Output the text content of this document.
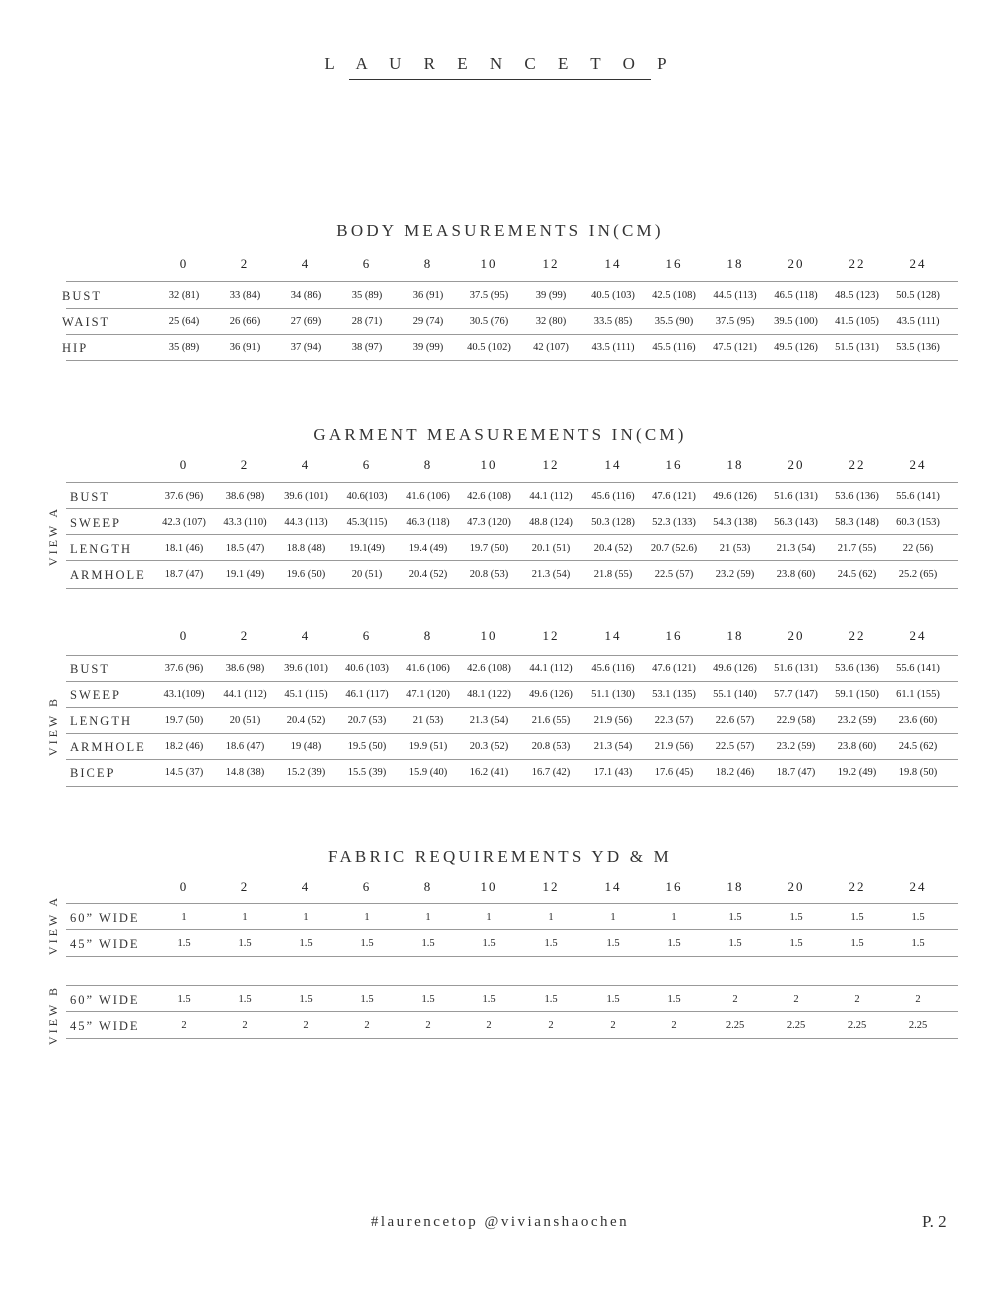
L A U R E N C E T O P
BODY MEASUREMENTS IN(CM)
GARMENT MEASUREMENTS IN(CM)
FABRIC REQUIREMENTS YD & M
VIEW A
VIEW B
VIEW A
VIEW B
0	2	4	6	8	10	12	14	16	18	20	22	24
BUST	32 (81)	33 (84)	34 (86)	35 (89)	36 (91)	37.5 (95)	39 (99)	40.5 (103)	42.5 (108)	44.5 (113)	46.5 (118)	48.5 (123)	50.5 (128)
WAIST	25 (64)	26 (66)	27 (69)	28 (71)	29 (74)	30.5 (76)	32 (80)	33.5 (85)	35.5 (90)	37.5 (95)	39.5 (100)	41.5 (105)	43.5 (111)
HIP	35 (89)	36 (91)	37 (94)	38 (97)	39 (99)	40.5 (102)	42 (107)	43.5 (111)	45.5 (116)	47.5 (121)	49.5 (126)	51.5 (131)	53.5 (136)
0	2	4	6	8	10	12	14	16	18	20	22	24
BUST	37.6 (96)	38.6 (98)	39.6 (101)	40.6(103)	41.6 (106)	42.6 (108)	44.1 (112)	45.6 (116)	47.6 (121)	49.6 (126)	51.6 (131)	53.6 (136)	55.6 (141)
SWEEP	42.3 (107)	43.3 (110)	44.3 (113)	45.3(115)	46.3 (118)	47.3 (120)	48.8 (124)	50.3 (128)	52.3 (133)	54.3 (138)	56.3 (143)	58.3 (148)	60.3 (153)
LENGTH	18.1 (46)	18.5 (47)	18.8 (48)	19.1(49)	19.4 (49)	19.7 (50)	20.1 (51)	20.4 (52)	20.7 (52.6)	21 (53)	21.3 (54)	21.7 (55)	22 (56)
ARMHOLE	18.7 (47)	19.1 (49)	19.6 (50)	20 (51)	20.4 (52)	20.8 (53)	21.3 (54)	21.8 (55)	22.5 (57)	23.2 (59)	23.8 (60)	24.5 (62)	25.2 (65)
0	2	4	6	8	10	12	14	16	18	20	22	24
BUST	37.6 (96)	38.6 (98)	39.6 (101)	40.6 (103)	41.6 (106)	42.6 (108)	44.1 (112)	45.6 (116)	47.6 (121)	49.6 (126)	51.6 (131)	53.6 (136)	55.6 (141)
SWEEP	43.1(109)	44.1 (112)	45.1 (115)	46.1 (117)	47.1 (120)	48.1 (122)	49.6 (126)	51.1 (130)	53.1 (135)	55.1 (140)	57.7 (147)	59.1 (150)	61.1 (155)
LENGTH	19.7 (50)	20 (51)	20.4 (52)	20.7 (53)	21 (53)	21.3 (54)	21.6 (55)	21.9 (56)	22.3 (57)	22.6 (57)	22.9 (58)	23.2 (59)	23.6 (60)
ARMHOLE	18.2 (46)	18.6 (47)	19 (48)	19.5 (50)	19.9 (51)	20.3 (52)	20.8 (53)	21.3 (54)	21.9 (56)	22.5 (57)	23.2 (59)	23.8 (60)	24.5 (62)
BICEP	14.5 (37)	14.8 (38)	15.2 (39)	15.5 (39)	15.9 (40)	16.2 (41)	16.7 (42)	17.1 (43)	17.6 (45)	18.2 (46)	18.7 (47)	19.2 (49)	19.8 (50)
0	2	4	6	8	10	12	14	16	18	20	22	24
60” WIDE	1	1	1	1	1	1	1	1	1	1.5	1.5	1.5	1.5
45” WIDE	1.5	1.5	1.5	1.5	1.5	1.5	1.5	1.5	1.5	1.5	1.5	1.5	1.5
60” WIDE	1.5	1.5	1.5	1.5	1.5	1.5	1.5	1.5	1.5	2	2	2	2
45” WIDE	2	2	2	2	2	2	2	2	2	2.25	2.25	2.25	2.25
#laurencetop @vivianshaochen	P. 2
